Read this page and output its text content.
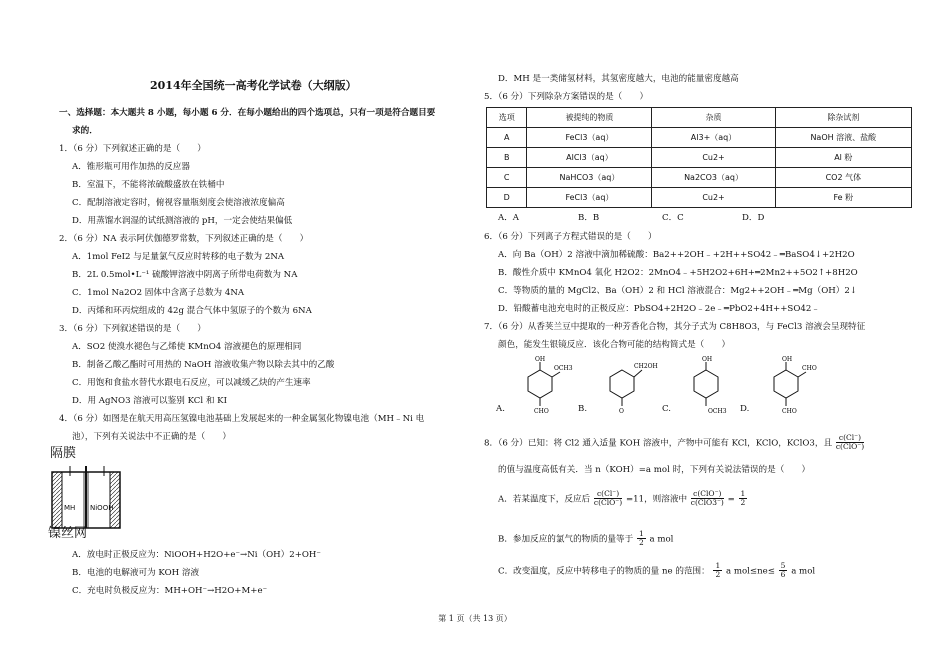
2014年全国统一高考化学试卷（大纲版）
一、选择题：本大题共 8 小题，每小题 6 分．在每小题给出的四个选项总，只有一项是符合题目要
求的．
1．（6 分）下列叙述正确的是（　　）
A．锥形瓶可用作加热的反应器
B．室温下，不能将浓硫酸盛放在铁桶中
C．配制溶液定容时，俯视容量瓶刻度会使溶液浓度偏高
D．用蒸馏水润湿的试纸测溶液的 pH，一定会使结果偏低
2．（6 分）NA 表示阿伏伽德罗常数，下列叙述正确的是（　　）
A．1mol FeI2 与足量氯气反应时转移的电子数为 2NA
B．2L 0.5mol•L⁻¹ 硫酸钾溶液中阴离子所带电荷数为 NA
C．1mol Na2O2 固体中含离子总数为 4NA
D．丙烯和环丙烷组成的 42g 混合气体中氢原子的个数为 6NA
3．（6 分）下列叙述错误的是（　　）
A．SO2 使溴水褪色与乙烯使 KMnO4 溶液褪色的原理相同
B．制备乙酸乙酯时可用热的 NaOH 溶液收集产物以除去其中的乙酸
C．用饱和食盐水替代水跟电石反应，可以减缓乙炔的产生速率
D．用 AgNO3 溶液可以鉴别 KCl 和 KI
4．（6 分）如图是在航天用高压氢镍电池基础上发展起来的一种金属氢化物镍电池（MH﹣Ni 电
池），下列有关说法中不正确的是（　　）
隔膜
MH NiOOH
镍丝网
A．放电时正极反应为：NiOOH+H2O+e⁻→Ni（OH）2+OH⁻
B．电池的电解液可为 KOH 溶液
C．充电时负极反应为：MH+OH⁻→H2O+M+e⁻
D．MH 是一类储氢材料，其氢密度越大，电池的能量密度越高
5．（6 分）下列除杂方案错误的是（　　）
选项	被提纯的物质	杂质	除杂试剂
A	FeCl3（aq）	Al3+（aq）	NaOH 溶液、盐酸
B	AlCl3（aq）	Cu2+	Al 粉
C	NaHCO3（aq）	Na2CO3（aq）	CO2 气体
D	FeCl3（aq）	Cu2+	Fe 粉
A．A	B．B	C．C	D．D
6．（6 分）下列离子方程式错误的是（　　）
A．向 Ba（OH）2 溶液中滴加稀硫酸：Ba2++2OH﹣+2H++SO42﹣═BaSO4↓+2H2O
B．酸性介质中 KMnO4 氧化 H2O2：2MnO4﹣+5H2O2+6H+═2Mn2++5O2↑+8H2O
C．等物质的量的 MgCl2、Ba（OH）2 和 HCl 溶液混合：Mg2++2OH﹣═Mg（OH）2↓
D．铅酸蓄电池充电时的正极反应：PbSO4+2H2O﹣2e﹣═PbO2+4H++SO42﹣
7．（6 分）从香荚兰豆中提取的一种芳香化合物，其分子式为 C8H8O3，与 FeCl3 溶液会呈现特征
颜色，能发生银镜反应．该化合物可能的结构简式是（　　）
OH
OCH3
CHO
CH2OH
O
OH
OCH3
OH
CHO
CHO
A.	B.	C.	D.
8．（6 分）已知：将 Cl2 通入适量 KOH 溶液中，产物中可能有 KCl，KClO，KClO3，且 $\frac{c(Cl^-)}{\text{c(ClO⁻)}}$
的值与温度高低有关．当 n（KOH）=a mol 时，下列有关说法错误的是（　　）
A．若某温度下，反应后 $\frac{c(Cl^-)}{\text{c(ClO⁻)}} =11$，则溶液中 $\frac{\text{c(ClO⁻)}}{\text{c(ClO3⁻)}} = \frac{1}{2}$
B．参加反应的氯气的物质的量等于 $\frac{1}{2}$ a mol
C．改变温度，反应中转移电子的物质的量 ne 的范围： $\frac{1}{2}$ a $mol\le ne\le \frac{5}{6}$ a mol
第 1 页（共 13 页）
